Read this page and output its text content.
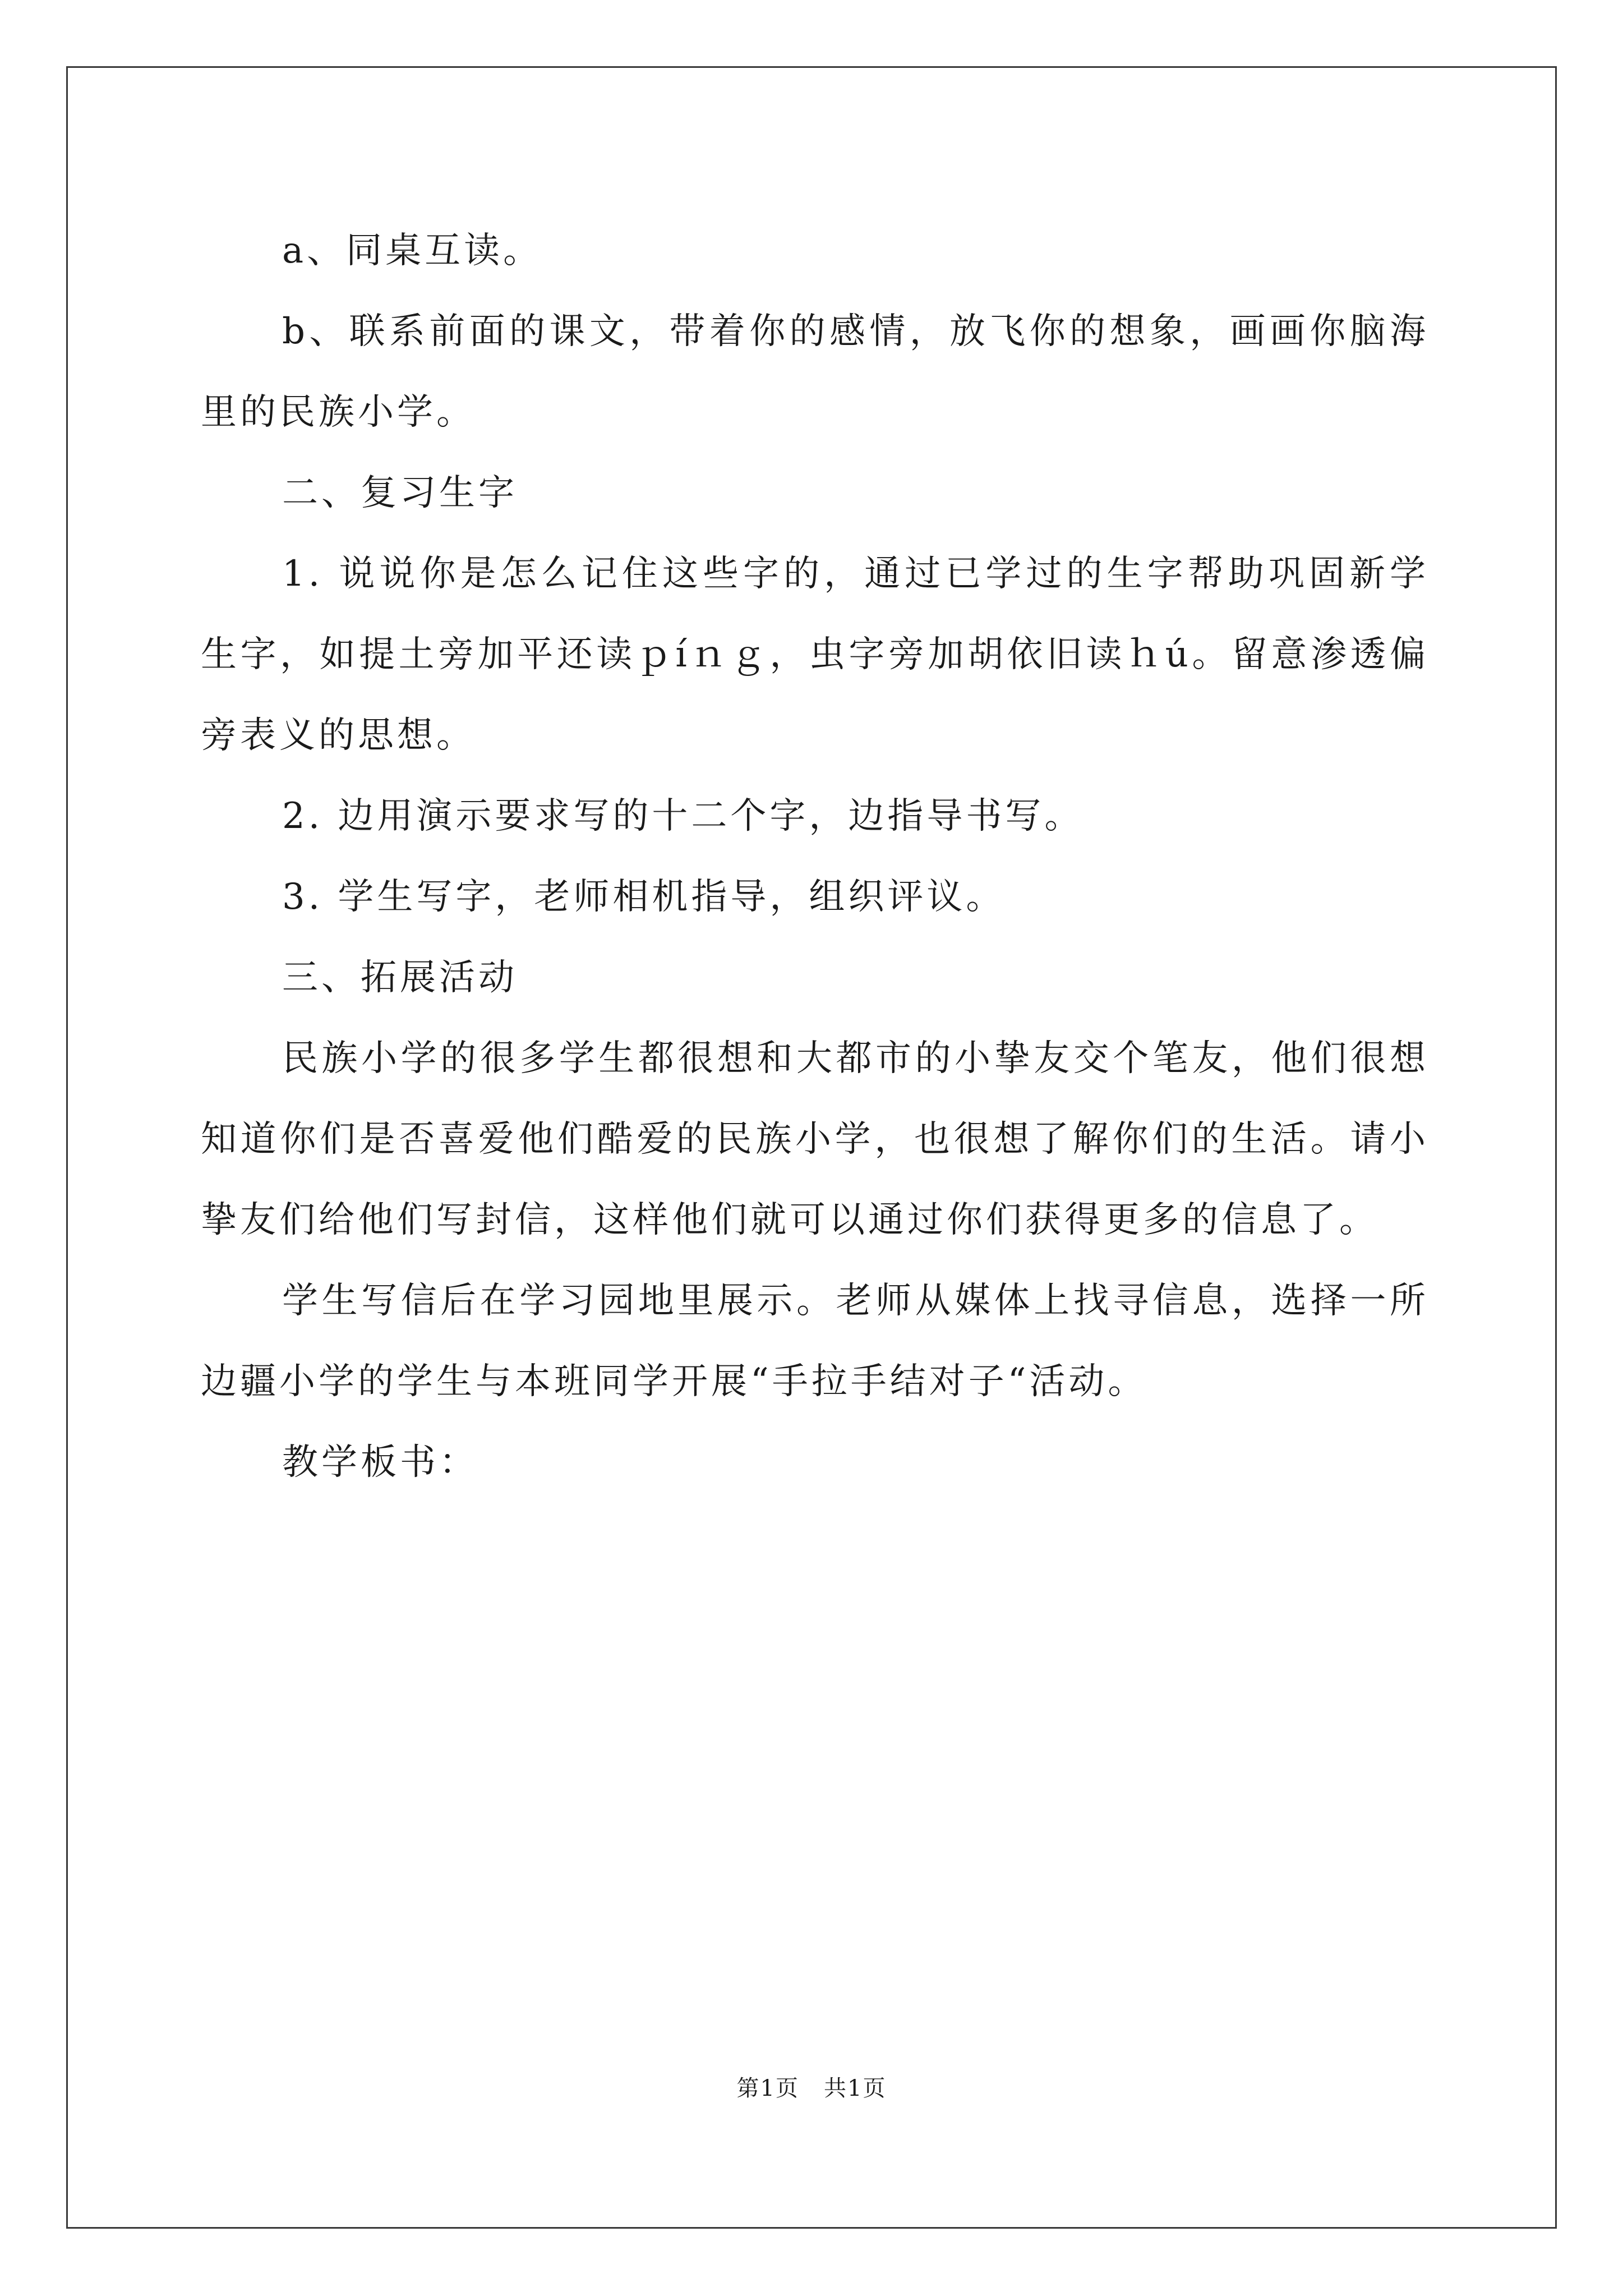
a、同桌互读。

b、联系前面的课文，带着你的感情，放飞你的想象，画画你脑海里的民族小学。

二、复习生字

1. 说说你是怎么记住这些字的，通过已学过的生字帮助巩固新学生字，如提土旁加平还读ｐíｎｇ，虫字旁加胡依旧读ｈú。留意渗透偏旁表义的思想。

2. 边用演示要求写的十二个字，边指导书写。

3. 学生写字，老师相机指导，组织评议。

三、拓展活动

民族小学的很多学生都很想和大都市的小挚友交个笔友，他们很想知道你们是否喜爱他们酷爱的民族小学，也很想了解你们的生活。请小挚友们给他们写封信，这样他们就可以通过你们获得更多的信息了。

学生写信后在学习园地里展示。老师从媒体上找寻信息，选择一所边疆小学的学生与本班同学开展“手拉手结对子“活动。

教学板书：

第1页 共1页
